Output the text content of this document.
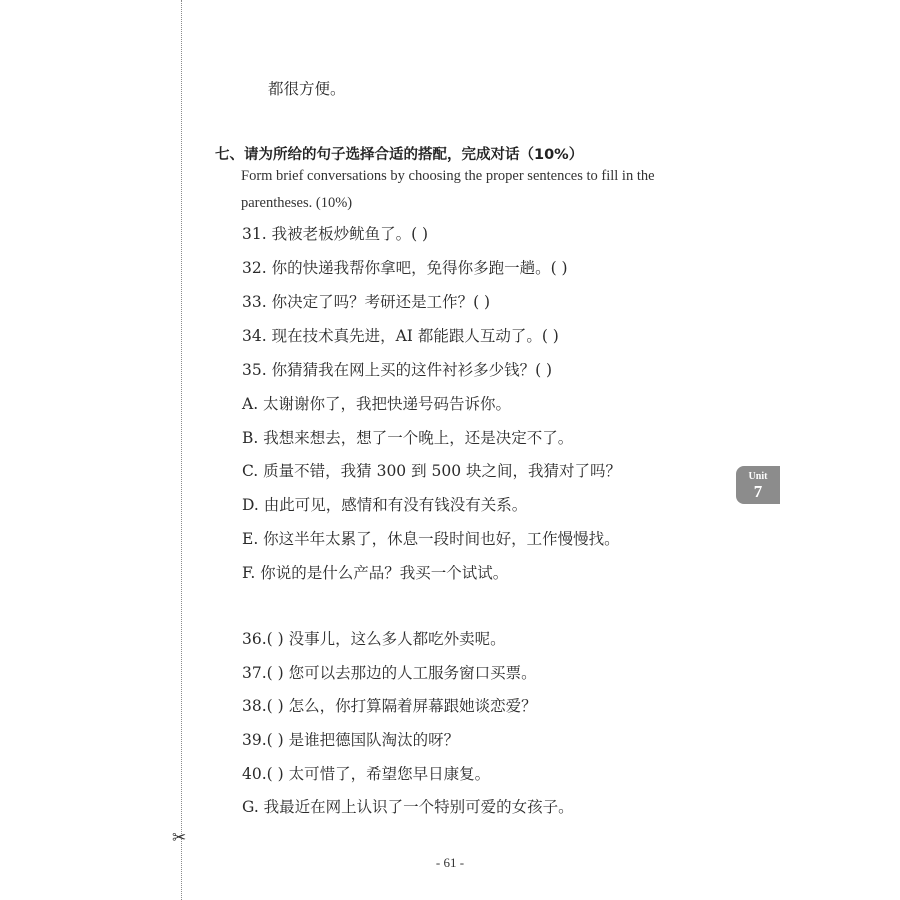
✂
都很方便。
七、请为所给的句子选择合适的搭配，完成对话（10%）
Form brief conversations by choosing the proper sentences to fill in the
parentheses. (10%)
31. 我被老板炒鱿鱼了。( )
32. 你的快递我帮你拿吧，免得你多跑一趟。( )
33. 你决定了吗？考研还是工作？( )
34. 现在技术真先进，AI 都能跟人互动了。( )
35. 你猜猜我在网上买的这件衬衫多少钱？( )
A. 太谢谢你了，我把快递号码告诉你。
B. 我想来想去，想了一个晚上，还是决定不了。
C. 质量不错，我猜 300 到 500 块之间，我猜对了吗？
D. 由此可见，感情和有没有钱没有关系。
E. 你这半年太累了，休息一段时间也好，工作慢慢找。
F. 你说的是什么产品？我买一个试试。
36.( ) 没事儿，这么多人都吃外卖呢。
37.( ) 您可以去那边的人工服务窗口买票。
38.( ) 怎么，你打算隔着屏幕跟她谈恋爱？
39.( ) 是谁把德国队淘汰的呀？
40.( ) 太可惜了，希望您早日康复。
G. 我最近在网上认识了一个特别可爱的女孩子。
Unit
7
- 61 -
